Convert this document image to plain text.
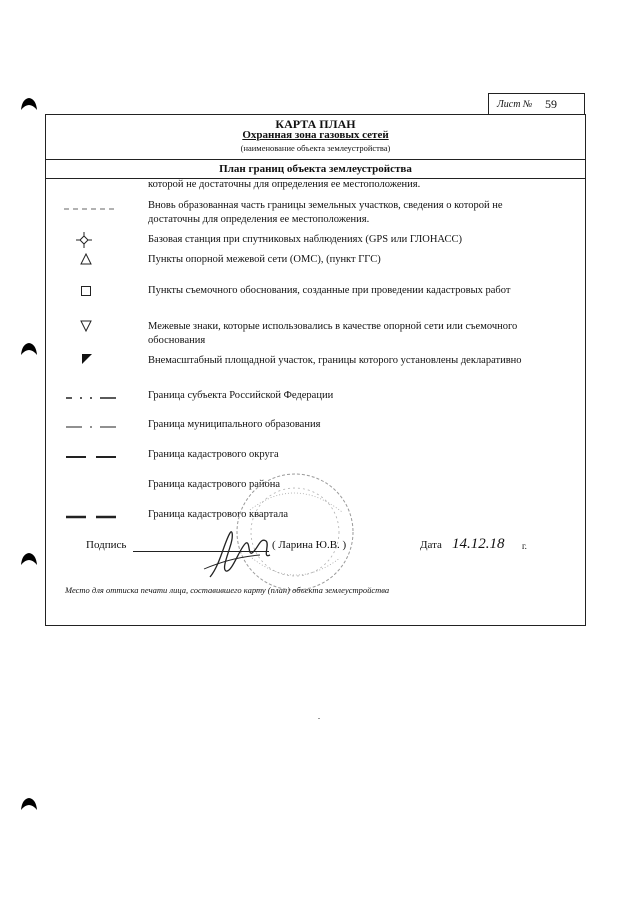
Лист № 59
КАРТА ПЛАН
Охранная зона газовых сетей
(наименование объекта землеустройства)
План границ объекта землеустройства
которой не достаточны для определения ее местоположения.
Вновь образованная часть границы земельных участков, сведения о которой не достаточны для определения ее местоположения.
Базовая станция при спутниковых наблюдениях (GPS или ГЛОНАСС)
Пункты опорной межевой сети (ОМС), (пункт ГГС)
Пункты съемочного обоснования, созданные при проведении кадастровых работ
Межевые знаки, которые использовались в качестве опорной сети или съемочного обоснования
Внемасштабный площадной участок, границы которого установлены декларативно
Граница субъекта Российской Федерации
Граница муниципального образования
Граница кадастрового округа
Граница кадастрового района
Граница кадастрового квартала
Подпись	( Ларина Ю.В. )	Дата 14.12.18 г.
Место для оттиска печати лица, составившего карту (план) объекта землеустройства
